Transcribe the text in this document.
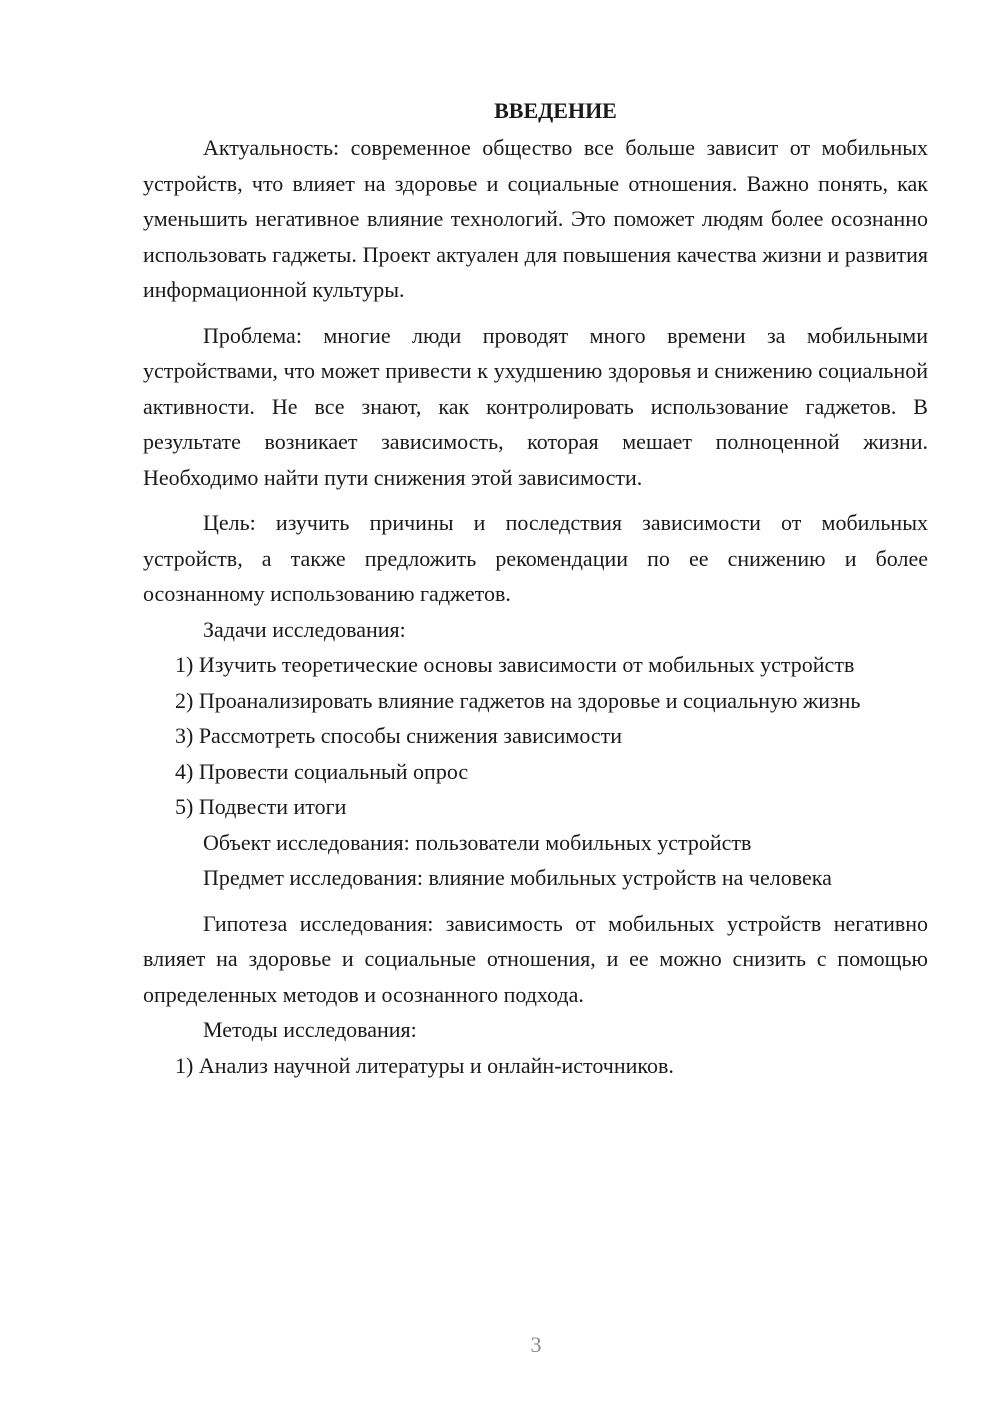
ВВЕДЕНИЕ

Актуальность: современное общество все больше зависит от мобильных устройств, что влияет на здоровье и социальные отношения. Важно понять, как уменьшить негативное влияние технологий. Это поможет людям более осознанно использовать гаджеты. Проект актуален для повышения качества жизни и развития информационной культуры.

Проблема: многие люди проводят много времени за мобильными устройствами, что может привести к ухудшению здоровья и снижению социальной активности. Не все знают, как контролировать использование гаджетов. В результате возникает зависимость, которая мешает полноценной жизни. Необходимо найти пути снижения этой зависимости.

Цель: изучить причины и последствия зависимости от мобильных устройств, а также предложить рекомендации по ее снижению и более осознанному использованию гаджетов.

Задачи исследования:

1) Изучить теоретические основы зависимости от мобильных устройств

2) Проанализировать влияние гаджетов на здоровье и социальную жизнь

3) Рассмотреть способы снижения зависимости

4) Провести социальный опрос

5) Подвести итоги

Объект исследования: пользователи мобильных устройств

Предмет исследования: влияние мобильных устройств на человека

Гипотеза исследования: зависимость от мобильных устройств негативно влияет на здоровье и социальные отношения, и ее можно снизить с помощью определенных методов и осознанного подхода.

Методы исследования:

1) Анализ научной литературы и онлайн-источников.

3
